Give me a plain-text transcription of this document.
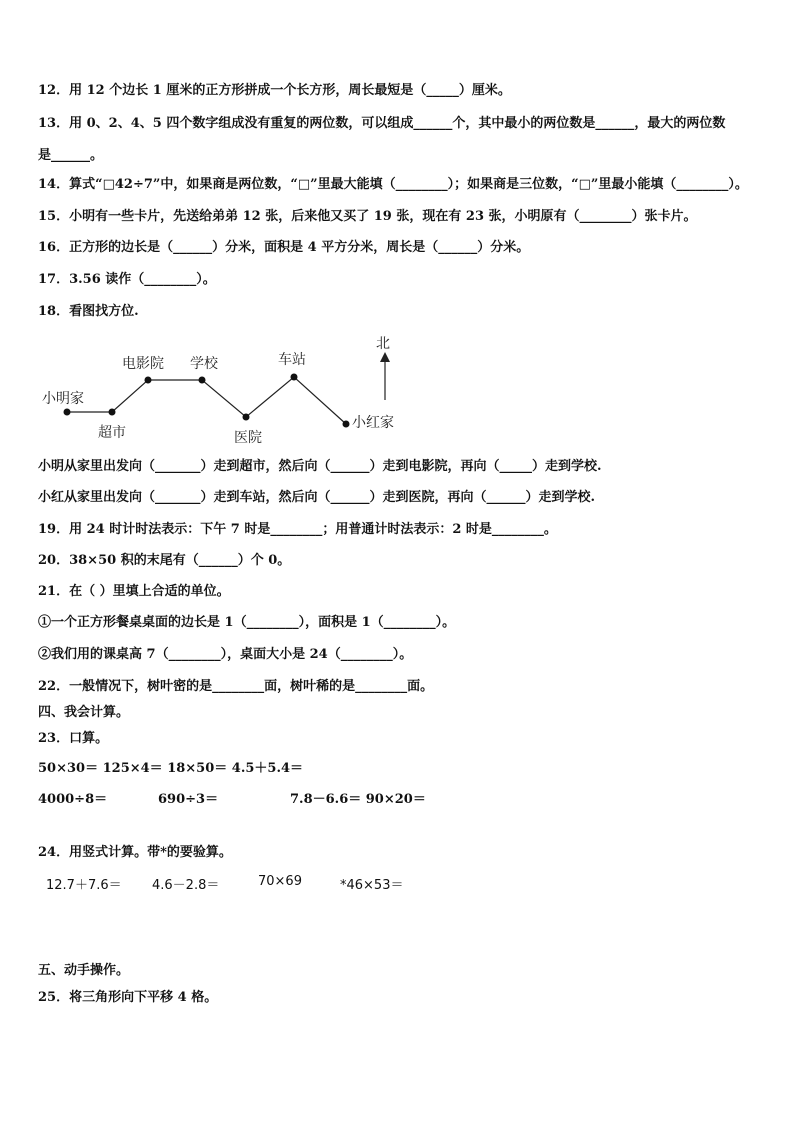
12．用 12 个边长 1 厘米的正方形拼成一个长方形，周长最短是（_____）厘米。
13．用 0、2、4、5 四个数字组成没有重复的两位数，可以组成______个，其中最小的两位数是______，最大的两位数
是______。
14．算式“□42÷7”中，如果商是两位数，“□”里最大能填（________）；如果商是三位数，“□”里最小能填（________）。
15．小明有一些卡片，先送给弟弟 12 张，后来他又买了 19 张，现在有 23 张，小明原有（________）张卡片。
16．正方形的边长是（______）分米，面积是 4 平方分米，周长是（______）分米。
17．3.56 读作（________）。
18．看图找方位.
北
小明家
超市
电影院 学校
医院
车站
小红家
小明从家里出发向（_______）走到超市，然后向（______）走到电影院，再向（_____）走到学校.
小红从家里出发向（_______）走到车站，然后向（______）走到医院，再向（______）走到学校.
19．用 24 时计时法表示：下午 7 时是________；用普通计时法表示：2 时是________。
20．38×50 积的末尾有（______）个 0。
21．在（ ）里填上合适的单位。
①一个正方形餐桌桌面的边长是 1（________），面积是 1（________）。
②我们用的课桌高 7（________），桌面大小是 24（________）。
22．一般情况下，树叶密的是________面，树叶稀的是________面。
四、我会计算。
23．口算。
50×30＝ 125×4＝ 18×50＝ 4.5＋5.4＝
4000÷8＝	690÷3＝	7.8－6.6＝ 90×20＝
24．用竖式计算。带*的要验算。
12.7＋7.6＝ 4.6－2.8＝	70×69	*46×53＝
五、动手操作。
25．将三角形向下平移 4 格。
